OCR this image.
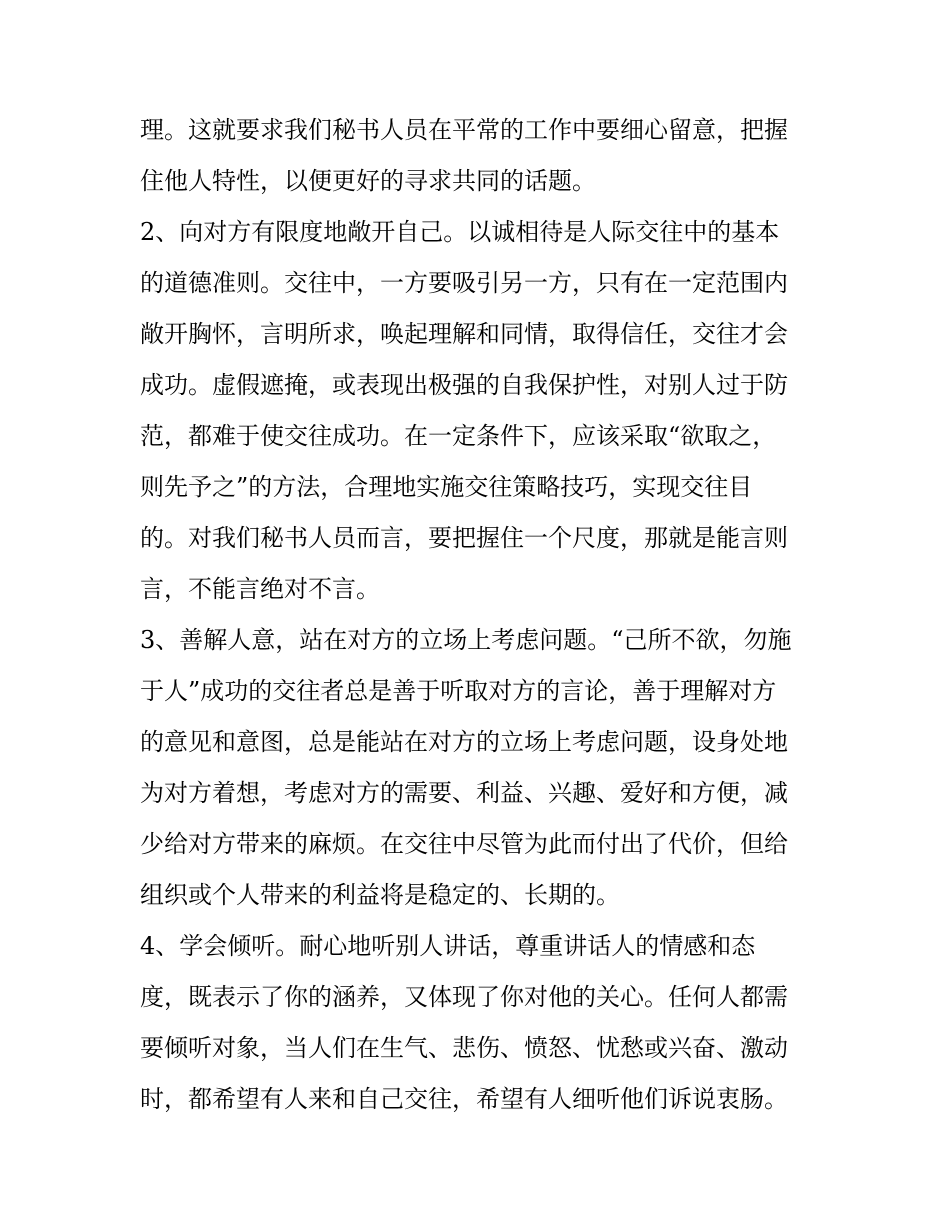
理。这就要求我们秘书人员在平常的工作中要细心留意，把握
住他人特性，以便更好的寻求共同的话题。
2、向对方有限度地敞开自己。以诚相待是人际交往中的基本
的道德准则。交往中，一方要吸引另一方，只有在一定范围内
敞开胸怀，言明所求，唤起理解和同情，取得信任，交往才会
成功。虚假遮掩，或表现出极强的自我保护性，对别人过于防
范，都难于使交往成功。在一定条件下，应该采取“欲取之，
则先予之”的方法，合理地实施交往策略技巧，实现交往目
的。对我们秘书人员而言，要把握住一个尺度，那就是能言则
言，不能言绝对不言。
3、善解人意，站在对方的立场上考虑问题。“己所不欲，勿施
于人”成功的交往者总是善于听取对方的言论，善于理解对方
的意见和意图，总是能站在对方的立场上考虑问题，设身处地
为对方着想，考虑对方的需要、利益、兴趣、爱好和方便，减
少给对方带来的麻烦。在交往中尽管为此而付出了代价，但给
组织或个人带来的利益将是稳定的、长期的。
4、学会倾听。耐心地听别人讲话，尊重讲话人的情感和态
度，既表示了你的涵养，又体现了你对他的关心。任何人都需
要倾听对象，当人们在生气、悲伤、愤怒、忧愁或兴奋、激动
时，都希望有人来和自己交往，希望有人细听他们诉说衷肠。
